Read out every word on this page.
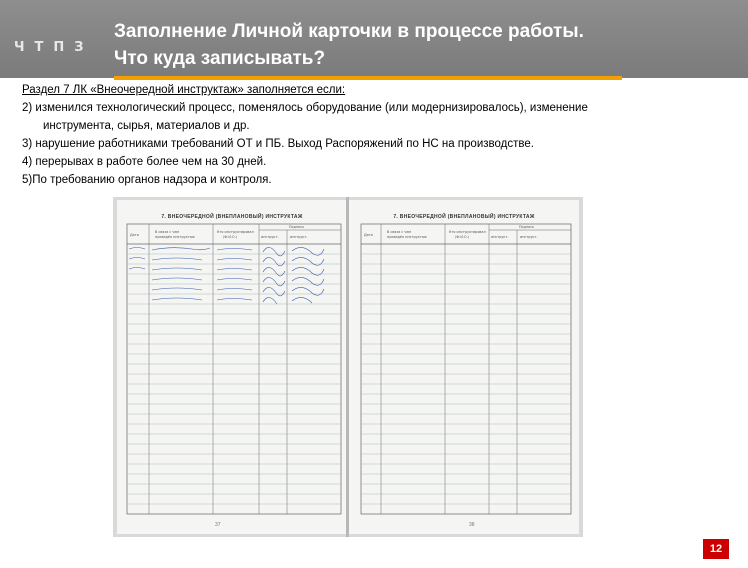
ЧТПЗ
Заполнение Личной карточки в процессе работы.
Что куда записывать?

Раздел 7 ЛК «Внеочередной инструктаж» заполняется если:

2) изменился технологический процесс, поменялось оборудование (или модернизировалось), изменение

инструмента, сырья, материалов и др.

3) нарушение работниками требований ОТ и ПБ. Выход Распоряжений по НС на производстве.

4) перерывах в работе более чем на 30 дней.

5)По требованию органов надзора и контроля.

7. ВНЕОЧЕРЕДНОЙ (ВНЕПЛАНОВЫЙ) ИНСТРУКТАЖ
Дата
В связи с чем
проведён инструктаж
Кто инструктировал
(Ф.И.О.)
Подпись
инструкт.	инструкт.
37
7. ВНЕОЧЕРЕДНОЙ (ВНЕПЛАНОВЫЙ) ИНСТРУКТАЖ
Дата
В связи с чем
проведён инструктаж
Кто инструктировал
(Ф.И.О.)
Подпись
инструкт.	инструкт.
38
12
